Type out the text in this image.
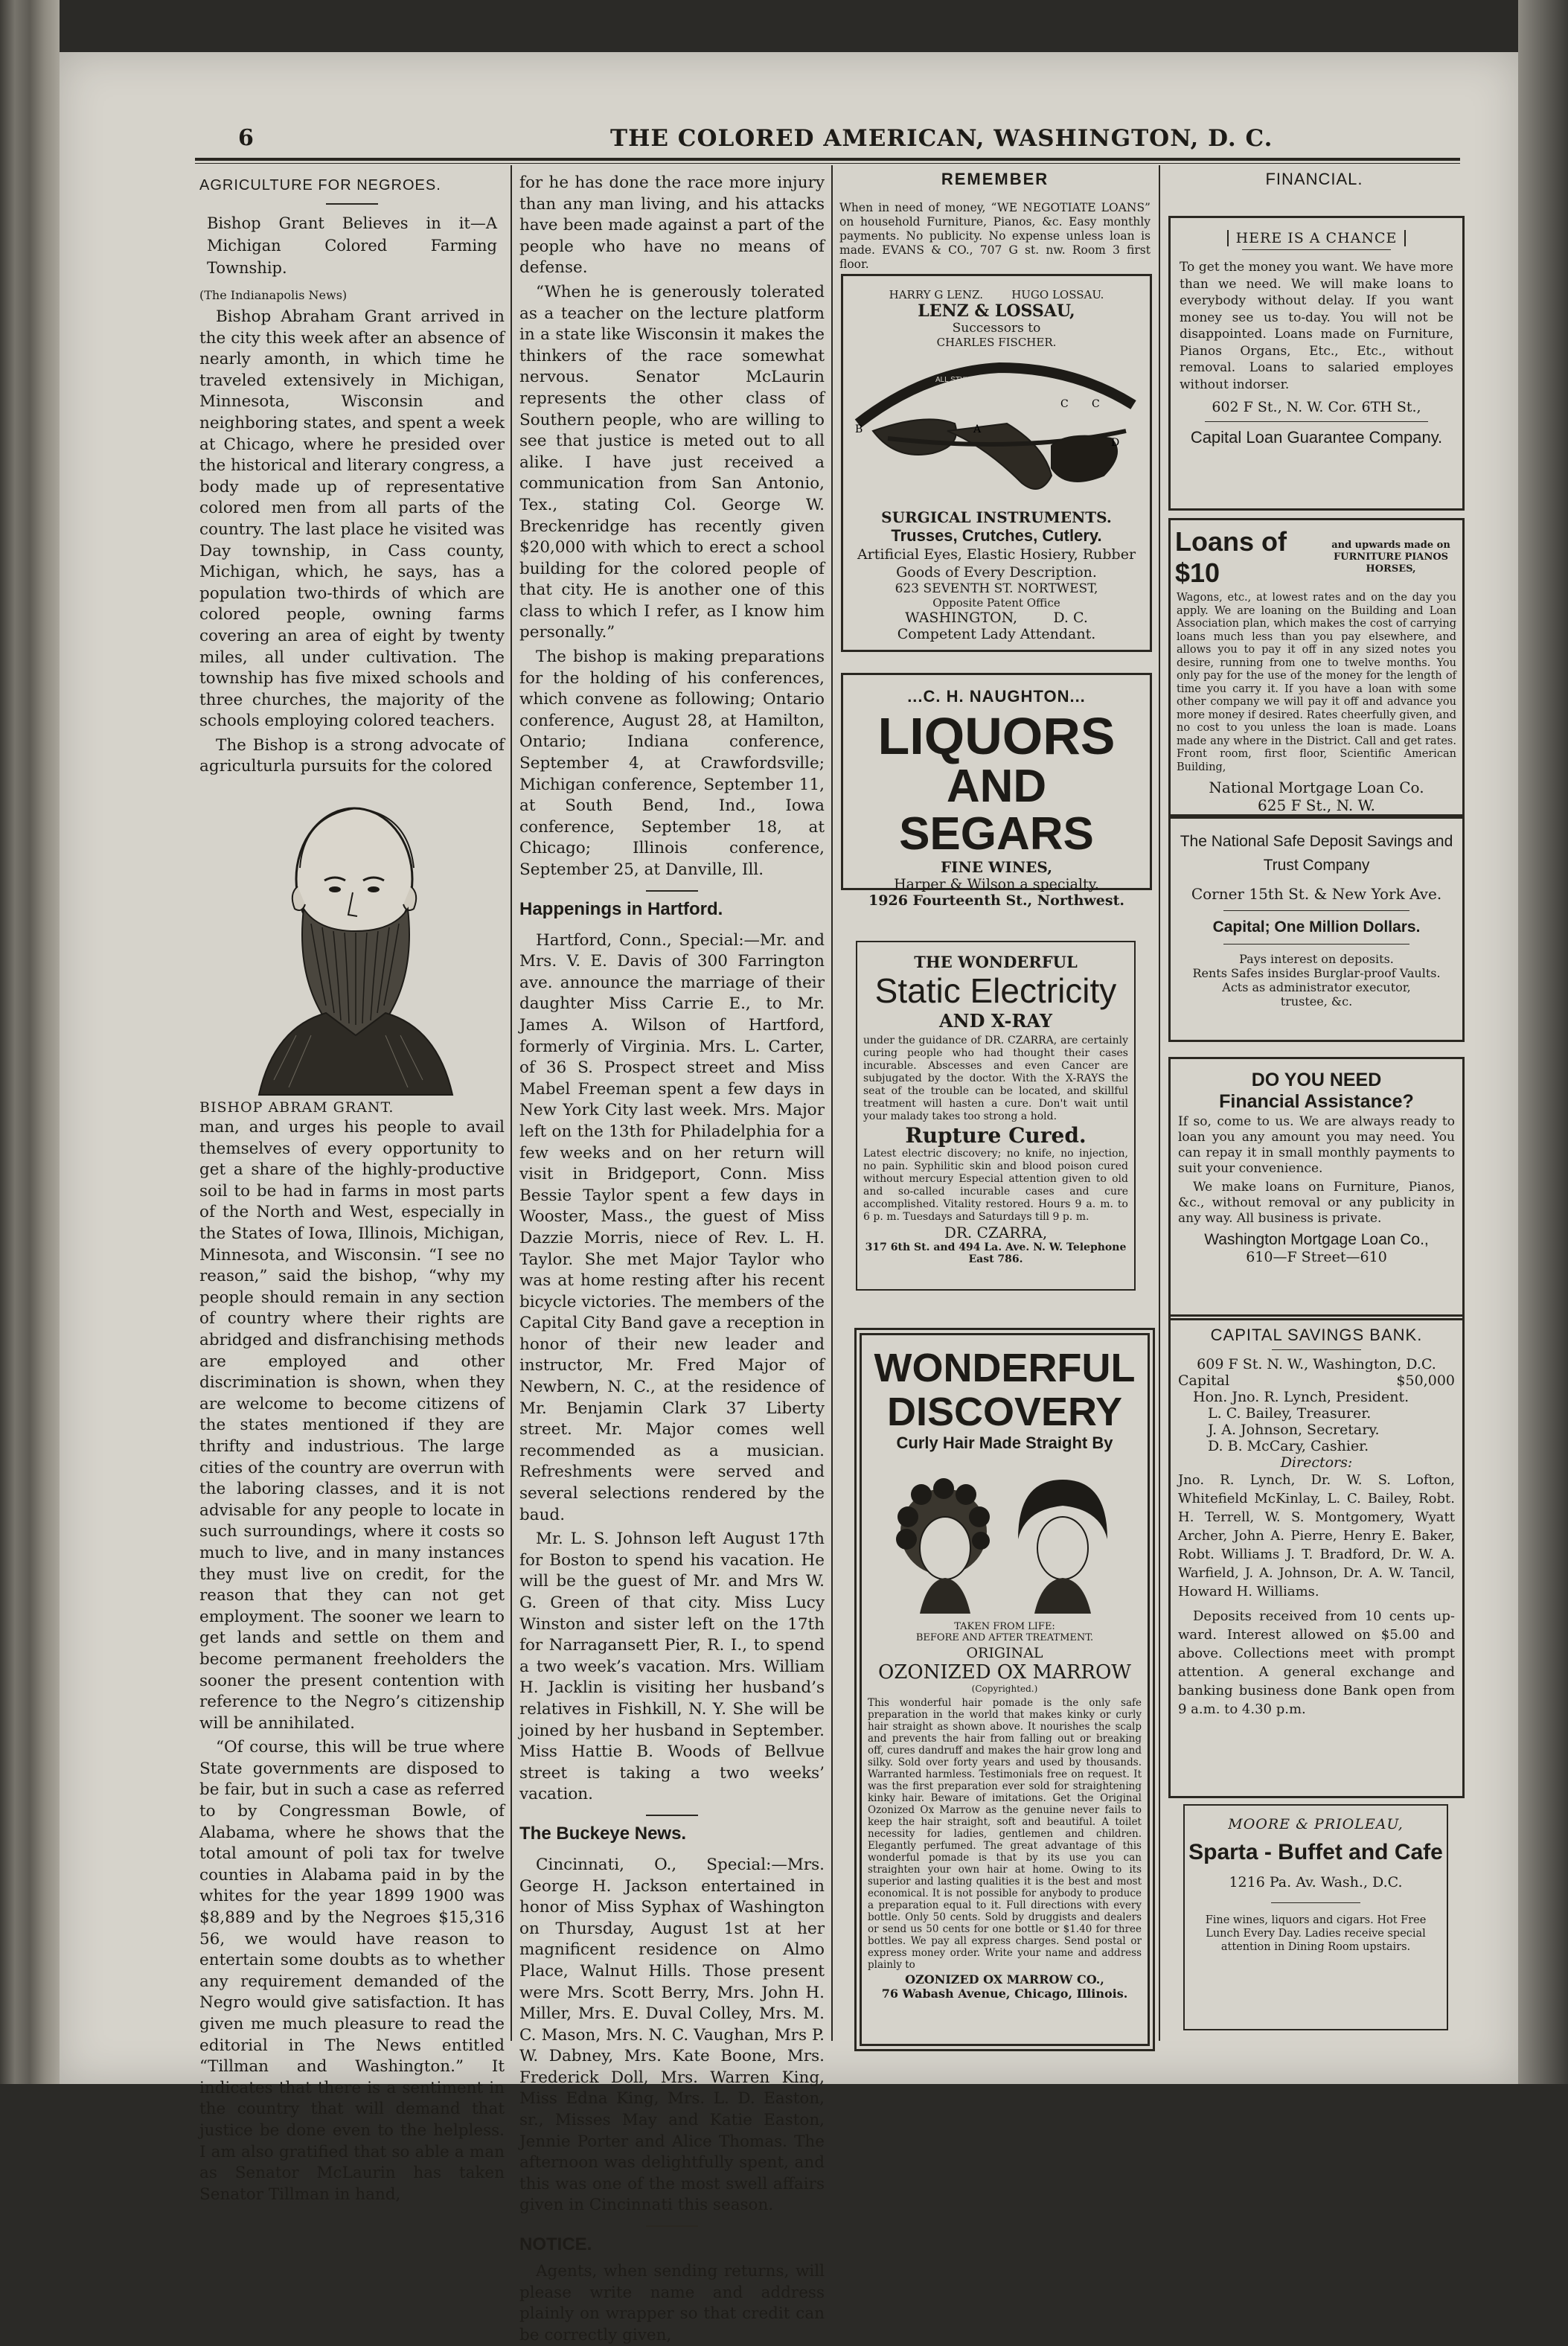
6	THE COLORED AMERICAN, WASHINGTON, D. C.

AGRICULTURE FOR NEGROES.

Bishop Grant Believes in it—A Michigan Colored Farming Township.

(The Indianapolis News)

Bishop Abraham Grant arrived in the city this week after an absence of nearly amonth, in which time he traveled extensively in Michigan, Minnesota, Wisconsin and neighboring states, and spent a week at Chicago, where he presided over the historical and literary congress, a body made up of representative colored men from all parts of the country. The last place he visited was Day township, in Cass county, Michigan, which, he says, has a population two-thirds of which are colored people, owning farms covering an area of eight by twenty miles, all under cultivation. The township has five mixed schools and three churches, the majority of the schools employing colored teachers.

The Bishop is a strong advocate of agriculturla pursuits for the colored

BISHOP ABRAM GRANT.

man, and urges his people to avail themselves of every opportunity to get a share of the highly-productive soil to be had in farms in most parts of the North and West, especially in the States of Iowa, Illinois, Michigan, Minnesota, and Wisconsin. “I see no reason,” said the bishop, “why my people should remain in any section of country where their rights are abridged and disfranchising methods are employed and other discrimination is shown, when they are welcome to become citizens of the states mentioned if they are thrifty and industrious. The large cities of the country are overrun with the laboring classes, and it is not advisable for any people to locate in such surroundings, where it costs so much to live, and in many instances they must live on credit, for the reason that they can not get employment. The sooner we learn to get lands and settle on them and become permanent freeholders the sooner the present contention with reference to the Negro’s citizenship will be annihilated.

“Of course, this will be true where State governments are disposed to be fair, but in such a case as referred to by Congressman Bowle, of Alabama, where he shows that the total amount of poli tax for twelve counties in Alabama paid in by the whites for the year 1899 1900 was $8,889 and by the Negroes $15,316 56, we would have reason to entertain some doubts as to whether any requirement demanded of the Negro would give satisfaction. It has given me much pleasure to read the editorial in The News entitled “Tillman and Washington.” It indicates that there is a sentiment in the country that will demand that justice be done even to the helpless. I am also gratified that so able a man as Senator McLaurin has taken Senator Tillman in hand,

for he has done the race more injury than any man living, and his attacks have been made against a part of the people who have no means of defense.

“When he is generously tolerated as a teacher on the lecture platform in a state like Wisconsin it makes the thinkers of the race somewhat nervous. Senator McLaurin represents the other class of Southern people, who are willing to see that justice is meted out to all alike. I have just received a communication from San Antonio, Tex., stating Col. George W. Breckenridge has recently given $20,000 with which to erect a school building for the colored people of that city. He is another one of this class to which I refer, as I know him personally.”

The bishop is making preparations for the holding of his conferences, which convene as following; Ontario conference, August 28, at Hamilton, Ontario; Indiana conference, September 4, at Crawfordsville; Michigan conference, September 11, at South Bend, Ind., Iowa conference, September 18, at Chicago; Illinois conference, September 25, at Danville, Ill.

Happenings in Hartford.

Hartford, Conn., Special:—Mr. and Mrs. V. E. Davis of 300 Farrington ave. announce the marriage of their daughter Miss Carrie E., to Mr. James A. Wilson of Hartford, formerly of Virginia. Mrs. L. Carter, of 36 S. Prospect street and Miss Mabel Freeman spent a few days in New York City last week. Mrs. Major left on the 13th for Philadelphia for a few weeks and on her return will visit in Bridgeport, Conn. Miss Bessie Taylor spent a few days in Wooster, Mass., the guest of Miss Dazzie Morris, niece of Rev. L. H. Taylor. She met Major Taylor who was at home resting after his recent bicycle victories. The members of the Capital City Band gave a reception in honor of their new leader and instructor, Mr. Fred Major of Newbern, N. C., at the residence of Mr. Benjamin Clark 37 Liberty street. Mr. Major comes well recommended as a musician. Refreshments were served and several selections rendered by the baud.

Mr. L. S. Johnson left August 17th for Boston to spend his vacation. He will be the guest of Mr. and Mrs W. G. Green of that city. Miss Lucy Winston and sister left on the 17th for Narragansett Pier, R. I., to spend a two week’s vacation. Mrs. William H. Jacklin is visiting her husband’s relatives in Fishkill, N. Y. She will be joined by her husband in September. Miss Hattie B. Woods of Bellvue street is taking a two weeks’ vacation.

The Buckeye News.

Cincinnati, O., Special:—Mrs. George H. Jackson entertained in honor of Miss Syphax of Washington on Thursday, August 1st at her magnificent residence on Almo Place, Walnut Hills. Those present were Mrs. Scott Berry, Mrs. John H. Miller, Mrs. E. Duval Colley, Mrs. M. C. Mason, Mrs. N. C. Vaughan, Mrs P. W. Dabney, Mrs. Kate Boone, Mrs. Frederick Doll, Mrs. Warren King, Miss Edna King, Mrs. L. D. Easton, sr., Misses May and Katie Easton, Jennie Porter and Alice Thomas. The afternoon was delightfully spent, and this was one of the most swell affairs given in Cincinnati this season.

NOTICE.

Agents, when sending returns, will please write name and address plainly on wrapper so that credit can be correctly given,

REMEMBER

When in need of money, “WE NEGOTIATE LOANS” on household Furniture, Pianos, &c. Easy monthly payments. No publicity. No expense unless loan is made. EVANS & CO., 707 G st. nw. Room 3 first floor.

HARRY G LENZ.        HUGO LOSSAU.

LENZ & LOSSAU,

Successors to

CHARLES FISCHER.

ALL STYLES OF WARRANTED
B	A
C C
D

SURGICAL INSTRUMENTS.

Trusses, Crutches, Cutlery.

Artificial Eyes, Elastic Hosiery, Rubber Goods of Every Description.

623 SEVENTH ST. NORTWEST,

Opposite Patent Office

WASHINGTON,        D. C.

Competent Lady Attendant.

...C. H. NAUGHTON...

LIQUORS

AND SEGARS

FINE WINES,

Harper & Wilson a specialty.

1926 Fourteenth St., Northwest.

THE WONDERFUL

Static Electricity

AND X-RAY

under the guidance of DR. CZARRA, are certainly curing people who had thought their cases incurable. Abscesses and even Cancer are subjugated by the doctor. With the X-RAYS the seat of the trouble can be located, and skillful treatment will hasten a cure. Don't wait until your malady takes too strong a hold.

Rupture Cured.

Latest electric discovery; no knife, no injection, no pain. Syphilitic skin and blood poison cured without mercury Especial attention given to old and so-called incurable cases and cure accomplished. Vitality restored. Hours 9 a. m. to 6 p. m. Tuesdays and Saturdays till 9 p. m.

DR. CZARRA,

317 6th St. and 494 La. Ave. N. W. Telephone East 786.

WONDERFUL

DISCOVERY

Curly Hair Made Straight By

TAKEN FROM LIFE:

BEFORE AND AFTER TREATMENT.

ORIGINAL

OZONIZED OX MARROW

(Copyrighted.)

This wonderful hair pomade is the only safe preparation in the world that makes kinky or curly hair straight as shown above. It nourishes the scalp and prevents the hair from falling out or breaking off, cures dandruff and makes the hair grow long and silky. Sold over forty years and used by thousands. Warranted harmless. Testimonials free on request. It was the first preparation ever sold for straightening kinky hair. Beware of imitations. Get the Original Ozonized Ox Marrow as the genuine never fails to keep the hair straight, soft and beautiful. A toilet necessity for ladies, gentlemen and children. Elegantly perfumed. The great advantage of this wonderful pomade is that by its use you can straighten your own hair at home. Owing to its superior and lasting qualities it is the best and most economical. It is not possible for anybody to produce a preparation equal to it. Full directions with every bottle. Only 50 cents. Sold by druggists and dealers or send us 50 cents for one bottle or $1.40 for three bottles. We pay all express charges. Send postal or express money order. Write your name and address plainly to

OZONIZED OX MARROW CO.,

76 Wabash Avenue, Chicago, Illinois.

FINANCIAL.

HERE IS A CHANCE

To get the money you want. We have more than we need. We will make loans to everybody without delay. If you want money see us to-day. You will not be disappointed. Loans made on Furniture, Pianos Organs, Etc., Etc., without removal. Loans to salaried employes without indorser.

602 F St., N. W. Cor. 6TH St.,

Capital Loan Guarantee Company.

Loans of $10
and upwards made on FURNITURE PIANOS HORSES,

Wagons, etc., at lowest rates and on the day you apply. We are loaning on the Building and Loan Association plan, which makes the cost of carrying loans much less than you pay elsewhere, and allows you to pay it off in any sized notes you desire, running from one to twelve months. You only pay for the use of the money for the length of time you carry it. If you have a loan with some other company we will pay it off and advance you more money if desired. Rates cheerfully given, and no cost to you unless the loan is made. Loans made any where in the District. Call and get rates. Front room, first floor, Scientific American Building,

National Mortgage Loan Co.

625 F St., N. W.

The National Safe Deposit Savings and Trust Company

Corner 15th St. & New York Ave.

Capital; One Million Dollars.

Pays interest on deposits.

Rents Safes insides Burglar-proof Vaults.

Acts as administrator executor, trustee, &c.

DO YOU NEED

Financial Assistance?

If so, come to us. We are always ready to loan you any amount you may need. You can repay it in small monthly payments to suit your convenience.

We make loans on Furniture, Pianos, &c., without removal or any publicity in any way. All business is private.

Washington Mortgage Loan Co.,

610—F Street—610

CAPITAL SAVINGS BANK.

609 F St. N. W., Washington, D.C.

Capital	$50,000

Hon. Jno. R. Lynch, President.

L. C. Bailey, Treasurer.

J. A. Johnson, Secretary.

D. B. McCary, Cashier.

Directors:

Jno. R. Lynch, Dr. W. S. Lofton, Whitefield McKinlay, L. C. Bailey, Robt. H. Terrell, W. S. Montgomery, Wyatt Archer, John A. Pierre, Henry E. Baker, Robt. Williams J. T. Bradford, Dr. W. A. Warfield, J. A. Johnson, Dr. A. W. Tancil, Howard H. Williams.

Deposits received from 10 cents up-ward. Interest allowed on $5.00 and above. Collections meet with prompt attention. A general exchange and banking business done Bank open from 9 a.m. to 4.30 p.m.

MOORE & PRIOLEAU,

Sparta - Buffet and Cafe

1216 Pa. Av. Wash., D.C.

Fine wines, liquors and cigars. Hot Free Lunch Every Day. Ladies receive special attention in Dining Room upstairs.
